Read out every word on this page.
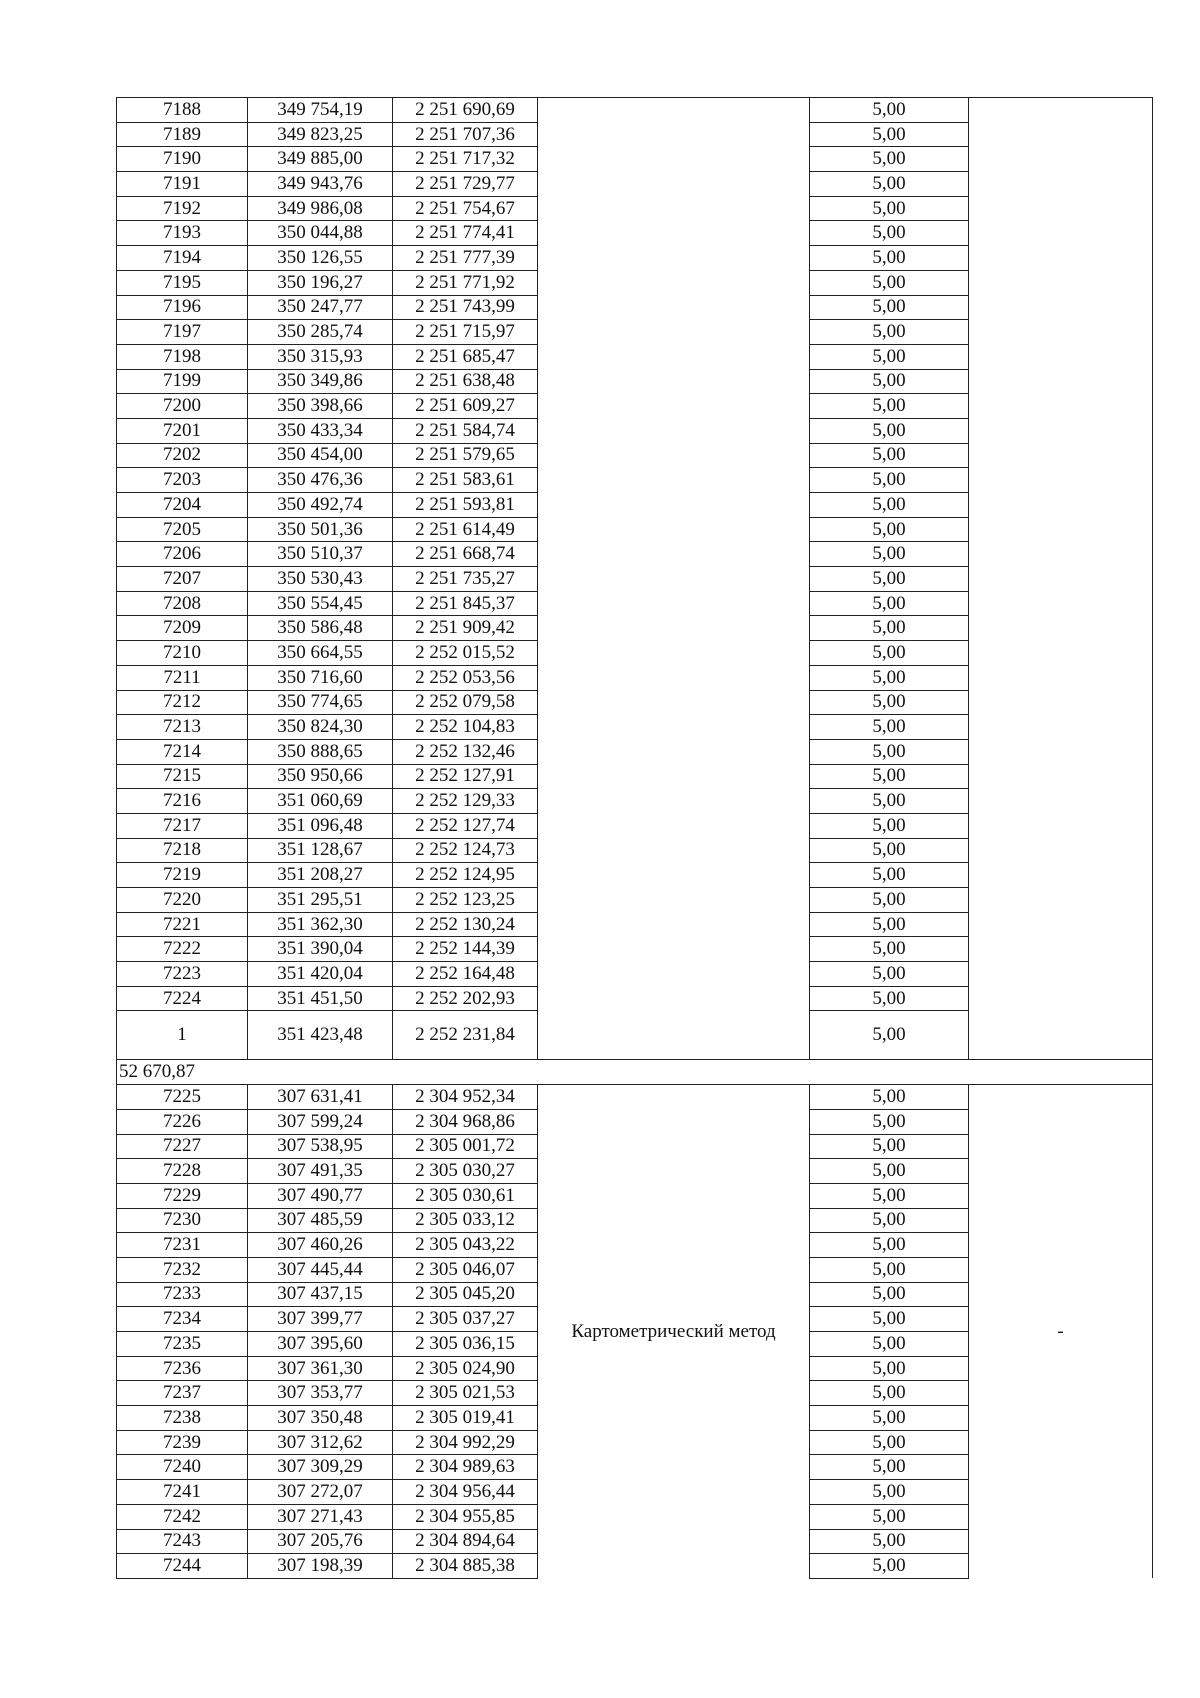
7188	349 754,19	2 251 690,69		5,00	
7189	349 823,25	2 251 707,36		5,00	
7190	349 885,00	2 251 717,32		5,00	
7191	349 943,76	2 251 729,77		5,00	
7192	349 986,08	2 251 754,67		5,00	
7193	350 044,88	2 251 774,41		5,00	
7194	350 126,55	2 251 777,39		5,00	
7195	350 196,27	2 251 771,92		5,00	
7196	350 247,77	2 251 743,99		5,00	
7197	350 285,74	2 251 715,97		5,00	
7198	350 315,93	2 251 685,47		5,00	
7199	350 349,86	2 251 638,48		5,00	
7200	350 398,66	2 251 609,27		5,00	
7201	350 433,34	2 251 584,74		5,00	
7202	350 454,00	2 251 579,65		5,00	
7203	350 476,36	2 251 583,61		5,00	
7204	350 492,74	2 251 593,81		5,00	
7205	350 501,36	2 251 614,49		5,00	
7206	350 510,37	2 251 668,74		5,00	
7207	350 530,43	2 251 735,27		5,00	
7208	350 554,45	2 251 845,37		5,00	
7209	350 586,48	2 251 909,42		5,00	
7210	350 664,55	2 252 015,52		5,00	
7211	350 716,60	2 252 053,56		5,00	
7212	350 774,65	2 252 079,58		5,00	
7213	350 824,30	2 252 104,83		5,00	
7214	350 888,65	2 252 132,46		5,00	
7215	350 950,66	2 252 127,91		5,00	
7216	351 060,69	2 252 129,33		5,00	
7217	351 096,48	2 252 127,74		5,00	
7218	351 128,67	2 252 124,73		5,00	
7219	351 208,27	2 252 124,95		5,00	
7220	351 295,51	2 252 123,25		5,00	
7221	351 362,30	2 252 130,24		5,00	
7222	351 390,04	2 252 144,39		5,00	
7223	351 420,04	2 252 164,48		5,00	
7224	351 451,50	2 252 202,93		5,00	
1	351 423,48	2 252 231,84		5,00	
52 670,87					
7225	307 631,41	2 304 952,34	Картометрический метод	5,00	-
7226	307 599,24	2 304 968,86		5,00	
7227	307 538,95	2 305 001,72		5,00	
7228	307 491,35	2 305 030,27		5,00	
7229	307 490,77	2 305 030,61		5,00	
7230	307 485,59	2 305 033,12		5,00	
7231	307 460,26	2 305 043,22		5,00	
7232	307 445,44	2 305 046,07		5,00	
7233	307 437,15	2 305 045,20		5,00	
7234	307 399,77	2 305 037,27		5,00	
7235	307 395,60	2 305 036,15		5,00	
7236	307 361,30	2 305 024,90		5,00	
7237	307 353,77	2 305 021,53		5,00	
7238	307 350,48	2 305 019,41		5,00	
7239	307 312,62	2 304 992,29		5,00	
7240	307 309,29	2 304 989,63		5,00	
7241	307 272,07	2 304 956,44		5,00	
7242	307 271,43	2 304 955,85		5,00	
7243	307 205,76	2 304 894,64		5,00	
7244	307 198,39	2 304 885,38		5,00	
